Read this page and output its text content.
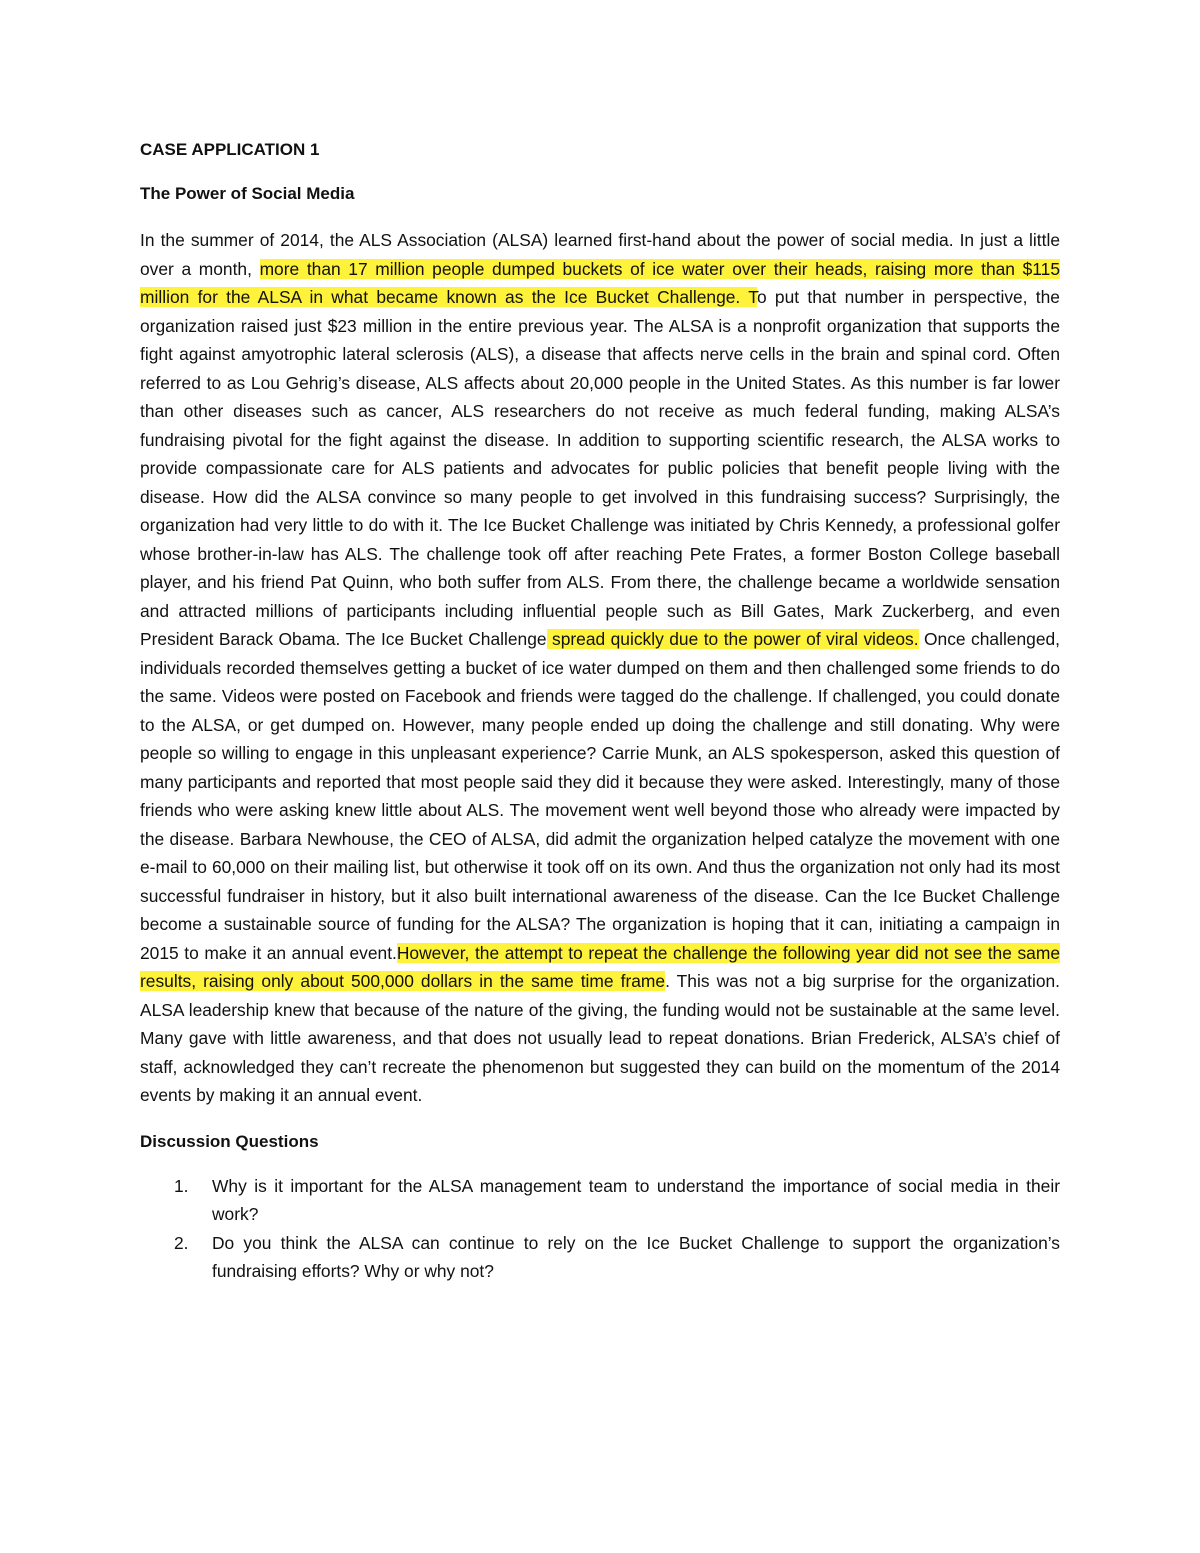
CASE APPLICATION 1

The Power of Social Media

In the summer of 2014, the ALS Association (ALSA) learned first-hand about the power of social media. In just a little over a month, more than 17 million people dumped buckets of ice water over their heads, raising more than $115 million for the ALSA in what became known as the Ice Bucket Challenge. To put that number in perspective, the organization raised just $23 million in the entire previous year. The ALSA is a nonprofit organization that supports the fight against amyotrophic lateral sclerosis (ALS), a disease that affects nerve cells in the brain and spinal cord. Often referred to as Lou Gehrig’s disease, ALS affects about 20,000 people in the United States. As this number is far lower than other diseases such as cancer, ALS researchers do not receive as much federal funding, making ALSA’s fundraising pivotal for the fight against the disease. In addition to supporting scientific research, the ALSA works to provide compassionate care for ALS patients and advocates for public policies that benefit people living with the disease. How did the ALSA convince so many people to get involved in this fundraising success? Surprisingly, the organization had very little to do with it. The Ice Bucket Challenge was initiated by Chris Kennedy, a professional golfer whose brother-in-law has ALS. The challenge took off after reaching Pete Frates, a former Boston College baseball player, and his friend Pat Quinn, who both suffer from ALS. From there, the challenge became a worldwide sensation and attracted millions of participants including influential people such as Bill Gates, Mark Zuckerberg, and even President Barack Obama. The Ice Bucket Challenge spread quickly due to the power of viral videos. Once challenged, individuals recorded themselves getting a bucket of ice water dumped on them and then challenged some friends to do the same. Videos were posted on Facebook and friends were tagged do the challenge. If challenged, you could donate to the ALSA, or get dumped on. However, many people ended up doing the challenge and still donating. Why were people so willing to engage in this unpleasant experience? Carrie Munk, an ALS spokesperson, asked this question of many participants and reported that most people said they did it because they were asked. Interestingly, many of those friends who were asking knew little about ALS. The movement went well beyond those who already were impacted by the disease. Barbara Newhouse, the CEO of ALSA, did admit the organization helped catalyze the movement with one e-mail to 60,000 on their mailing list, but otherwise it took off on its own. And thus the organization not only had its most successful fundraiser in history, but it also built international awareness of the disease. Can the Ice Bucket Challenge become a sustainable source of funding for the ALSA? The organization is hoping that it can, initiating a campaign in 2015 to make it an annual event.However, the attempt to repeat the challenge the following year did not see the same results, raising only about 500,000 dollars in the same time frame. This was not a big surprise for the organization. ALSA leadership knew that because of the nature of the giving, the funding would not be sustainable at the same level. Many gave with little awareness, and that does not usually lead to repeat donations. Brian Frederick, ALSA’s chief of staff, acknowledged they can’t recreate the phenomenon but suggested they can build on the momentum of the 2014 events by making it an annual event.

Discussion Questions

1. Why is it important for the ALSA management team to understand the importance of social media in their work?
2. Do you think the ALSA can continue to rely on the Ice Bucket Challenge to support the organization’s fundraising efforts? Why or why not?
